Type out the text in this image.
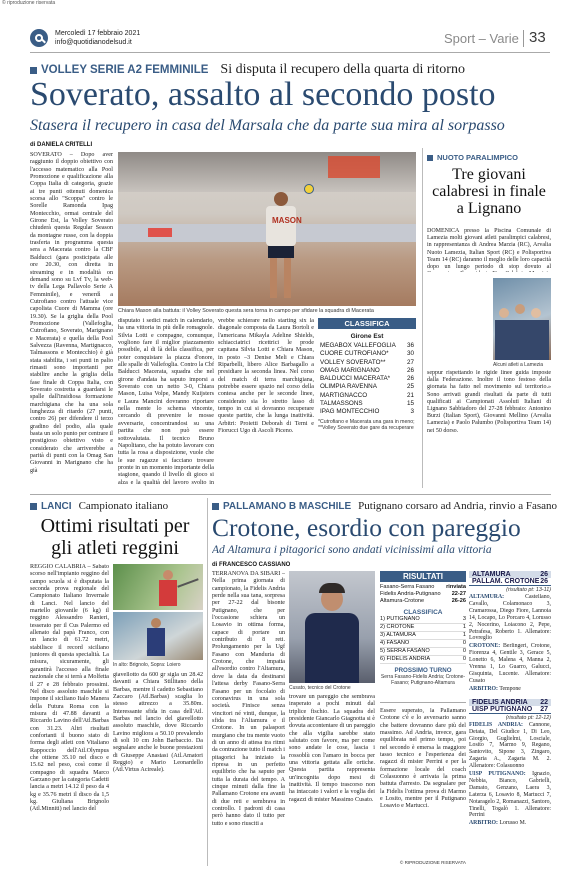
© riproduzione riservata
Mercoledì 17 febbraio 2021
info@quotidianodelsud.it	Sport – Varie 33
VOLLEY SERIE A2 FEMMINILE Si disputa il recupero della quarta di ritorno
Soverato, assalto al secondo posto
Stasera il recupero in casa del Marsala che da parte sua mira al sorpasso
di DANIELA CRITELLI

SOVERATO – Dopo aver raggiunto il doppio obiettivo con l'accesso matematico alla Pool Promozione e qualificazione alla Coppa Italia di categoria, grazie ai tre punti ottenuti domenica scorsa allo "Scoppa" contro le Sorelle Ramonda Ipag Montecchio, ormai centrale del Girone Est, la Volley Soverato chiuderà questa Regular Season da montagne russe, con la doppia trasferta in programma questa sera a Macerata contro la CBF Balducci (gara posticipata alle ore 20.30, con diretta in streaming e in modalità on demand sono su Lvf Tv, la web-tv della Lega Pallavolo Serie A Femminile), e venerdì a Cutrofiano contro l'attuale vice capolista Cuore di Mamma (ore 19.30). Se la griglia della Pool Promozione (Vallefoglia, Cutrofiano, Soverato, Marignano e Macerata) e quella della Pool Salvezza (Ravenna, Martignacco, Talmassons e Montecchio) è già stata stabilita, i sei punti in palio rimasti sono importanti per stabilire anche la griglia della fase finale di Coppa Italia, con Soverato costretta a guardarsi le spalle dall'insidiosa formazione marchigiana che ha una sola lunghezza di ritardo (27 punti, contro 26) per difendere il terzo gradino del podio, alla quale basta un solo punto per centrare il prestigioso obiettivo visto e considerato che arriverebbe a parità di punti con la Omag San Giovanni in Marignano che ha già

MASON
Chiara Mason alla battuta: il Volley Soverato questa sera torna in campo per sfidare la squadra di Macerata

disputato i sedici match in calendario, ha una vittoria in più delle romagnole. Silvia Lotti e compagne, comunque, vogliono fare il miglior piazzamento possibile, al di là della classifica, per poter conquistare la piazza d'onore, alle spalle di Vallefoglia. Contro la Cbf Balducci Macerata, squadra che nel girone d'andata ha saputo imporsi a Soverato con un netto 3-0, Chiara Mason, Luisa Volpe, Mandy Kuijsters e Laura Mancini dovranno riportare nella mente lo schema vincente, cercando di prevenire le mosse avversarie, concentrandosi su una partita che non può essere sottovalutata. Il tecnico Bruno Napolitano, che ha potuto lavorare con tutta la rosa a disposizione, vuole che le sue ragazze si facciano trovare pronte in un momento importante della stagione, quando il livello di gioco si alza e la qualità del lavoro svolto in

vrebbe schierare nello starting six la diagonale composta da Laura Bortoli e l'americana Mikayla Adeline Shields, schiacciatrici ricettrici le prode capitana Silvia Lotti e Chiara Mason, in posto –3 Denise Meli e Chiara Riparbelli, libero Alice Barbagallo a presidiare la seconda linea. Nel corso del match di terra marchigiana, potrebbe essere spazio nel corso della contesa anche per le seconde linee, considerato sia lo stretto lasso di tempo in cui si dovranno recuperare queste partite, che la lunga inattività. Arbitri: Proietti Deborah di Terni e Fiorucci Ugo di Ascoli Piceno.

CLASSIFICA
Girone Est
MEGABOX VALLEFOGLIA	36
CUORE CUTROFIANO*	30
VOLLEY SOVERATO**	27
OMAG MARIGNANO	26
BALDUCCI MACERATA*	26
OLIMPIA RAVENNA	25
MARTIGNACCO	21
TALMASSONS	15
IPAG MONTECCHIO	3
*Cutrofiano e Macerata una gara in meno; **Volley Soverato due gare da recuperare
NUOTO PARALIMPICO
Tre giovani calabresi in finale a Lignano

DOMENICA presso la Piscina Comunale di Lamezia molti giovani atleti paralimpici calabresi, in rappresentanza di Andrea Marzia (RC), Arvalia Nuoto Lamezia, Italian Sport (RC) e Polisportiva Team 14 (RC) daranno il meglio delle loro capacità dopo un lungo periodo di stop dovuto al

Alcuni atleti a Lamezia

seppur rispettando le rigide linee guida imposte dalla Federazione. Inoltre il tono festoso della giornata ha fatto nel movimento sul territorio.» Sono arrivati grandi risultati da parte di tutti qualificati ai Campionati Assoluti Italiani di Lignano Sabbiadoro del 27-28 febbraio: Antonino Burzi (Italian Sport), Giovanni Mellino (Arvalia Lamezia) e Paolo Palumbo (Polisportiva Team 14) nei 50 dorso.

LANCI Campionato italiano
Ottimi risultati per gli atleti reggini

REGGIO CALABRIA – Sabato scorso nell'impianto reggino del campo scuola si è disputata la seconda prova regionale del Campionato Italiano Invernale di Lanci. Nel lancio del martello giovanile (6 kg) il reggino Alessandro Ranieri, tesserato per il Cus Palermo ed allenato dal papà Franco, con un lancio di 61.72 metri, stabilisce il record siciliano juniores di questa specialità. La misura, sicuramente, gli garantirà l'accesso alla finale nazionale che si terrà a Molfetta il 27 e 28 febbraio prossimi. Nel disco assoluto maschile si impone il siciliano Italo Manera della Futura Roma con la misura di 47.88 davanti a Riccardo Lavino dell'Atl.Barbas con 31.23. Altri risultati confortanti il buono stato di forma degli atleti con Vitaliano Rappoccio dell'Atl.Olympus che ottiene 35.10 nel disco e 15.62 nel peso, così come il compagno di squadra Marco Garzano per la categoria Cadetti lancia a metri 14.12 il peso da 4 kg e 35.76 metri il disco da 1,5 kg. Giuliana Brignolo (Atl.Minniti) nel lancio del

In alto: Brignolo, Sopra: Loiero

giavellotto da 600 gr sigla un 28.42 davanti a Chiara Stillitano della Barbas, mentre il cadetto Sebastiano Zaccaro (Atl.Barbas) scaglia lo stesso attrezzo a 35.80m. Interessante sfida in casa dell'Atl. Barbas nel lancio del giavellotto assoluto maschile, dove Riccardo Lavino migliora a 50.10 prevalendo di soli 10 cm John Barbaccio. Da segnalare anche le buone prestazioni di Giuseppe Anastasi (Atl.Amatori Reggio) e Mario Leonardello (Atl.Virtus Acireale).

PALLAMANO B MASCHILE Putignano corsaro ad Andria, rinvio a Fasano
Crotone, esordio con pareggio
Ad Altamura i pitagorici sono andati vicinissimi alla vittoria
di FRANCESCO CASSIANO

TERRANOVA DA SIBARI – Nella prima giornata di campionato, la Fidelis Andria perde nella sua tana, sorpresa per 27-22 dal bisonte Putignano, che per l'occasione schiera un Losavio in ottima forma, capace di portare un contributo di 8 reti. Prolungamento per la Ugf Fasano con Manduria di Crotone, che impatta all'esordio contro l'Altamura, dove la data da destinarsi l'attesa derby Fasano-Serra Fasano per un focolaio di coronavirus in una sola società. Finisce senza vincitori né vinti, dunque, la sfida tra l'Altamura e il Crotone. In un palasport murgiano che tra mente vuoto di un anno di attesa tra ritmi da contrazione tutto il match i pitagorici ha iniziato la ripresa in un perfetto equilibrio che ha saputo per tutta la durata del tempo. A cinque minuti dalla fine la Pallamano Crotone era avanti di due reti e sembrava in controllo. I padroni di casa però hanno dato il tutto per tutto e sono riusciti a

Cusato, tecnico del Crotone

trovare un pareggio che sembrava insperato a pochi minuti dal triplice fischio. La squadra del presidente Giancarlo Giagnotta si è dovuta accontentare di un pareggio che alla vigilia sarebbe stato salutato con favore, ma per come sono andate le cose, lascia i rossoblù con l'amaro in bocca per una vittoria gettata alle ortiche. Questa partita rappresenta un'incognita dopo mesi di inattività. Il tempo trascorso non ha intaccato i valori e la voglia dei ragazzi di mister Massimo Cusato.

RISULTATI
Fasano-Serra Fasano	rinviata
Fidelis Andria-Putignano	22-27
Altamura-Crotone	26-26
CLASSIFICA
1) PUTIGNANO	3
2) CROTONE	1
3) ALTAMURA	1
4) FASANO	0
5) SERRA FASANO	0
6) FIDELIS ANDRIA	0
PROSSIMO TURNO
Serra Fasano-Fidelis Andria; Crotone-Fasano; Putignano-Altamura

Essere superato, la Pallamano Crotone c'è e lo avversario sanno che battere dovranno dare più del massimo. Ad Andria, invece, gara equilibrata nel primo tempo, poi nel secondo è emersa la maggiore tasso tecnico e l'esperienza dei ragazzi di mister Perrini e per la formazione locale del coach Colasuonno è arrivata la prima battuta d'arresto. Da segnalare per la Fidelis l'ottima prova di Marmo e Losito, mentre per il Putignano Losavio e Martucci.

© RIPRODUZIONE RISERVATA
ALTAMURA	26
PALLAM. CROTONE 26
(risultato pt: 13-11)
ALTAMURA:	Castellano, Cavallo, Colamonaco 3, Cramarossa, Diego Fiore, Lannoia 14, Locapo, Lo Porcaro 4, Lorusso 2, Nocerino, Loiacono 2, Pepe, Petrafesa, Roberto 1. Allenatore: Lovreglio
CROTONE: Berlingeri, Crotone, Fiorenza 4, Gentile 3, Gerace 5, Lonetto 6, Malena 4, Manna 2, Vrenna 1, Lo Guarro, Galucci, Gisquinta, Lucente. Allenatore: Cusato
ARBITRO: Tempone
FIDELIS ANDRIA 22
UISP PUTIGNANO 27
(risultato pt: 12-12)
FIDELIS ANDRIA: Cannone, Detata, Del Giudice 1, Di Leo, Giorgio, Guglielmi, Losciale, Losito 7, Marmo 9, Regano, Santovito, Sipone 3, Zingaro, Zagaria A., Zagaria M. 2. Allenatore: Colasuonno
UISP PUTIGNANO: Ignazio, Nebbia, Bianco, Gabrielli, Damato, Genzano, Laera 3, Laterza 6, Losavio 8, Martucci 7, Notaragelo 2, Romanazzi, Santoro, Tinelli, Togalò 1. Allenatore: Perrini
ARBITRO: Lorusso M.
